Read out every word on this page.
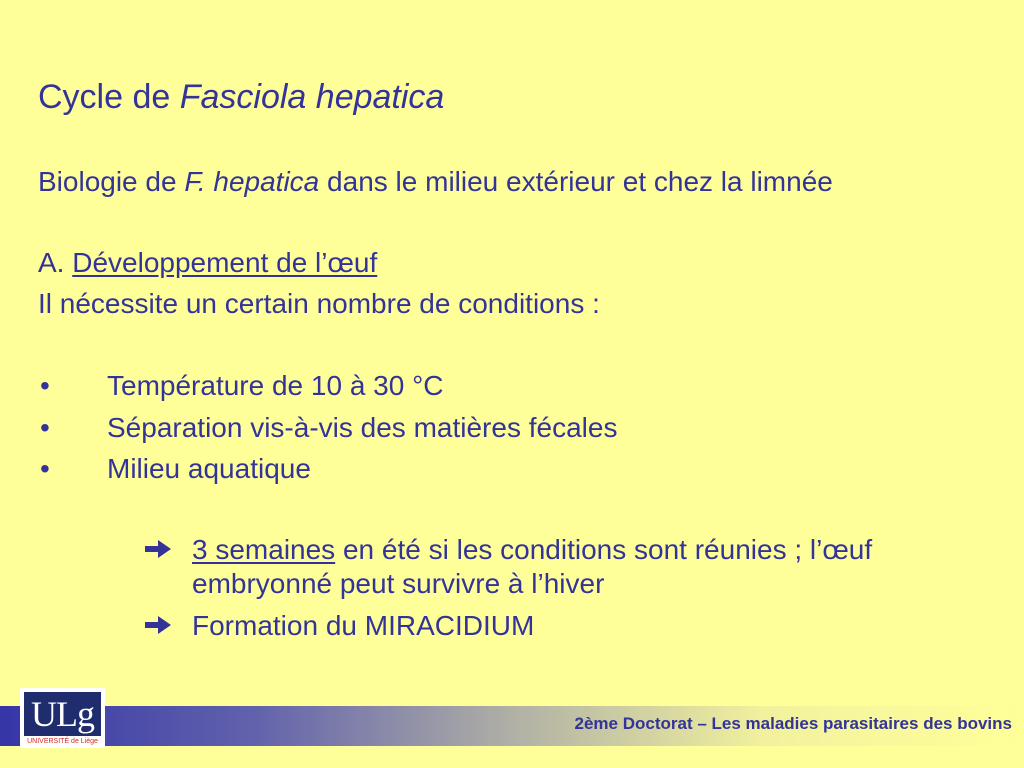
Cycle de Fasciola hepatica
Biologie de F. hepatica dans le milieu extérieur et chez la limnée
A. Développement de l’œuf
Il nécessite un certain nombre de conditions :
• Température de 10 à 30 °C
• Séparation vis-à-vis des matières fécales
• Milieu aquatique
3 semaines en été si les conditions sont réunies ; l’œuf
embryonné peut survivre à l’hiver
Formation du MIRACIDIUM
ULg
UNIVERSITÉ de Liège
2ème Doctorat – Les maladies parasitaires des bovins
